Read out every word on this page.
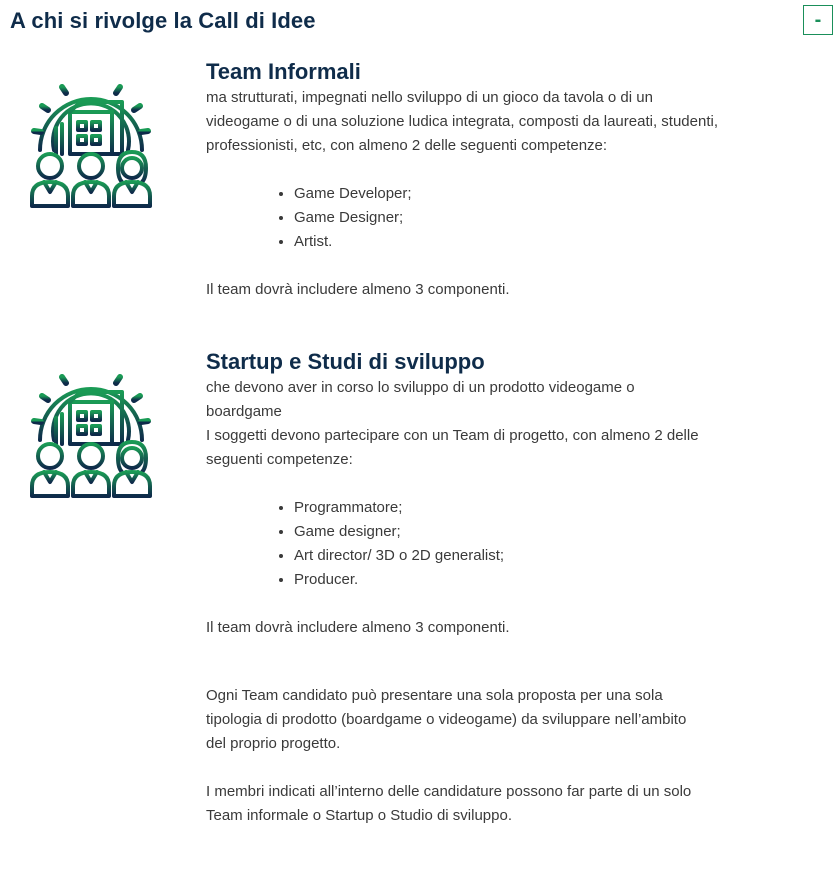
A chi si rivolge la Call di Idee	-
Team Informali

ma strutturati, impegnati nello sviluppo di un gioco da tavola o di un videogame o di una soluzione ludica integrata, composti da laureati, studenti, professionisti, etc, con almeno 2 delle seguenti competenze:

• Game Developer;
• Game Designer;
• Artist.

Il team dovrà includere almeno 3 componenti.

Startup e Studi di sviluppo

che devono aver in corso lo sviluppo di un prodotto videogame o boardgame

I soggetti devono partecipare con un Team di progetto, con almeno 2 delle seguenti competenze:

• Programmatore;
• Game designer;
• Art director/ 3D o 2D generalist;
• Producer.

Il team dovrà includere almeno 3 componenti.

Ogni Team candidato può presentare una sola proposta per una sola tipologia di prodotto (boardgame o videogame) da sviluppare nell’ambito del proprio progetto.

I membri indicati all’interno delle candidature possono far parte di un solo Team informale o Startup o Studio di sviluppo.
